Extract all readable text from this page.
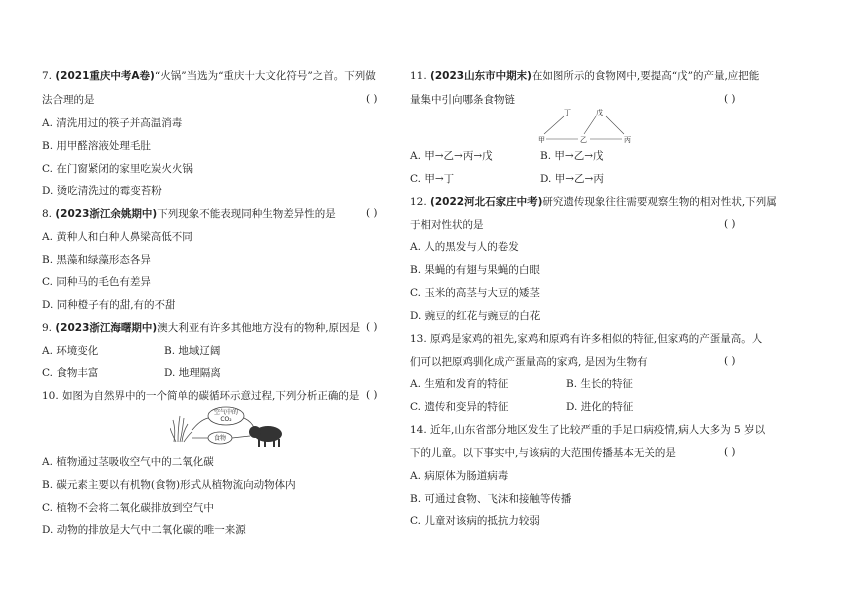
7. (2021重庆中考A卷)“火锅”当选为“重庆十大文化符号”之首。下列做
法合理的是	( )
A. 清洗用过的筷子并高温消毒
B. 用甲醛溶液处理毛肚
C. 在门窗紧闭的家里吃炭火火锅
D. 烫吃清洗过的霉变苔粉
8. (2023浙江余姚期中)下列现象不能表现同种生物差异性的是	( )
A. 黄种人和白种人鼻梁高低不同
B. 黑藻和绿藻形态各异
C. 同种马的毛色有差异
D. 同种橙子有的甜,有的不甜
9. (2023浙江海曙期中)澳大利亚有许多其他地方没有的物种,原因是 ( )
A. 环境变化	B. 地域辽阔
C. 食物丰富	D. 地理隔离
10. 如图为自然界中的一个简单的碳循环示意过程,下列分析正确的是 ( )
空气中的
CO₂
食物
A. 植物通过茎吸收空气中的二氧化碳
B. 碳元素主要以有机物(食物)形式从植物流向动物体内
C. 植物不会将二氧化碳排放到空气中
D. 动物的排放是大气中二氧化碳的唯一来源
11. (2023山东市中期末)在如图所示的食物网中,要提高“戊”的产量,应把能
量集中引向哪条食物链	( )
甲
丁
乙
戊
丙
A. 甲→乙→丙→戊	B. 甲→乙→戊
C. 甲→丁	D. 甲→乙→丙
12. (2022河北石家庄中考)研究遗传现象往往需要观察生物的相对性状,下列属
于相对性状的是	( )
A. 人的黑发与人的卷发
B. 果蝇的有翅与果蝇的白眼
C. 玉米的高茎与大豆的矮茎
D. 豌豆的红花与豌豆的白花
13. 原鸡是家鸡的祖先,家鸡和原鸡有许多相似的特征,但家鸡的产蛋量高。人
们可以把原鸡驯化成产蛋量高的家鸡, 是因为生物有	( )
A. 生殖和发育的特征	B. 生长的特征
C. 遗传和变异的特征	D. 进化的特征
14. 近年,山东省部分地区发生了比较严重的手足口病疫情,病人大多为 5 岁以
下的儿童。以下事实中,与该病的大范围传播基本无关的是	( )
A. 病原体为肠道病毒
B. 可通过食物、飞沫和接触等传播
C. 儿童对该病的抵抗力较弱
